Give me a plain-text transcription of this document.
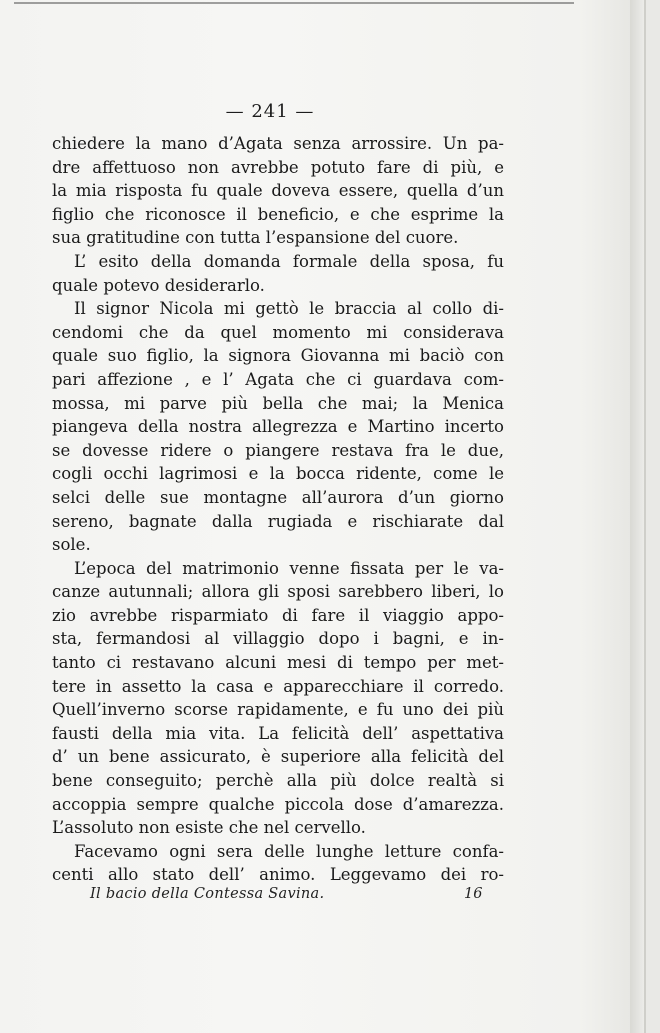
— 241 —
chiedere la mano d’Agata senza arrossire. Un pa-
dre affettuoso non avrebbe potuto fare di più, e
la mia risposta fu quale doveva essere, quella d’un
figlio che riconosce il beneficio, e che esprime la
sua gratitudine con tutta l’espansione del cuore.
L’ esito della domanda formale della sposa, fu
quale potevo desiderarlo.
Il signor Nicola mi gettò le braccia al collo di-
cendomi che da quel momento mi considerava
quale suo figlio, la signora Giovanna mi baciò con
pari affezione , e l’ Agata che ci guardava com-
mossa, mi parve più bella che mai; la Menica
piangeva della nostra allegrezza e Martino incerto
se dovesse ridere o piangere restava fra le due,
cogli occhi lagrimosi e la bocca ridente, come le
selci delle sue montagne all’aurora d’un giorno
sereno, bagnate dalla rugiada e rischiarate dal
sole.
L’epoca del matrimonio venne fissata per le va-
canze autunnali; allora gli sposi sarebbero liberi, lo
zio avrebbe risparmiato di fare il viaggio appo-
sta, fermandosi al villaggio dopo i bagni, e in-
tanto ci restavano alcuni mesi di tempo per met-
tere in assetto la casa e apparecchiare il corredo.
Quell’inverno scorse rapidamente, e fu uno dei più
fausti della mia vita. La felicità dell’ aspettativa
d’ un bene assicurato, è superiore alla felicità del
bene conseguito; perchè alla più dolce realtà si
accoppia sempre qualche piccola dose d’amarezza.
L’assoluto non esiste che nel cervello.
Facevamo ogni sera delle lunghe letture confa-
centi allo stato dell’ animo. Leggevamo dei ro-
Il bacio della Contessa Savina.	16
